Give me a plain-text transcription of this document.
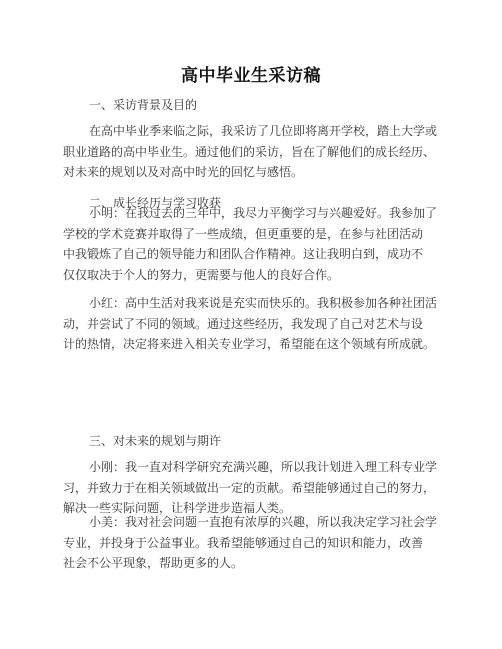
高中毕业生采访稿
一、采访背景及目的
在高中毕业季来临之际，我采访了几位即将离开学校，踏上大学或
职业道路的高中毕业生。通过他们的采访，旨在了解他们的成长经历、
对未来的规划以及对高中时光的回忆与感悟。
二、成长经历与学习收获
小明：在我过去的三年中，我尽力平衡学习与兴趣爱好。我参加了
学校的学术竞赛并取得了一些成绩，但更重要的是，在参与社团活动
中我锻炼了自己的领导能力和团队合作精神。这让我明白到，成功不
仅仅取决于个人的努力，更需要与他人的良好合作。
小红：高中生活对我来说是充实而快乐的。我积极参加各种社团活
动，并尝试了不同的领域。通过这些经历，我发现了自己对艺术与设
计的热情，决定将来进入相关专业学习，希望能在这个领域有所成就。
三、对未来的规划与期许
小刚：我一直对科学研究充满兴趣，所以我计划进入理工科专业学
习，并致力于在相关领域做出一定的贡献。希望能够通过自己的努力，
解决一些实际问题，让科学进步造福人类。
小美：我对社会问题一直抱有浓厚的兴趣，所以我决定学习社会学
专业，并投身于公益事业。我希望能够通过自己的知识和能力，改善
社会不公平现象，帮助更多的人。
